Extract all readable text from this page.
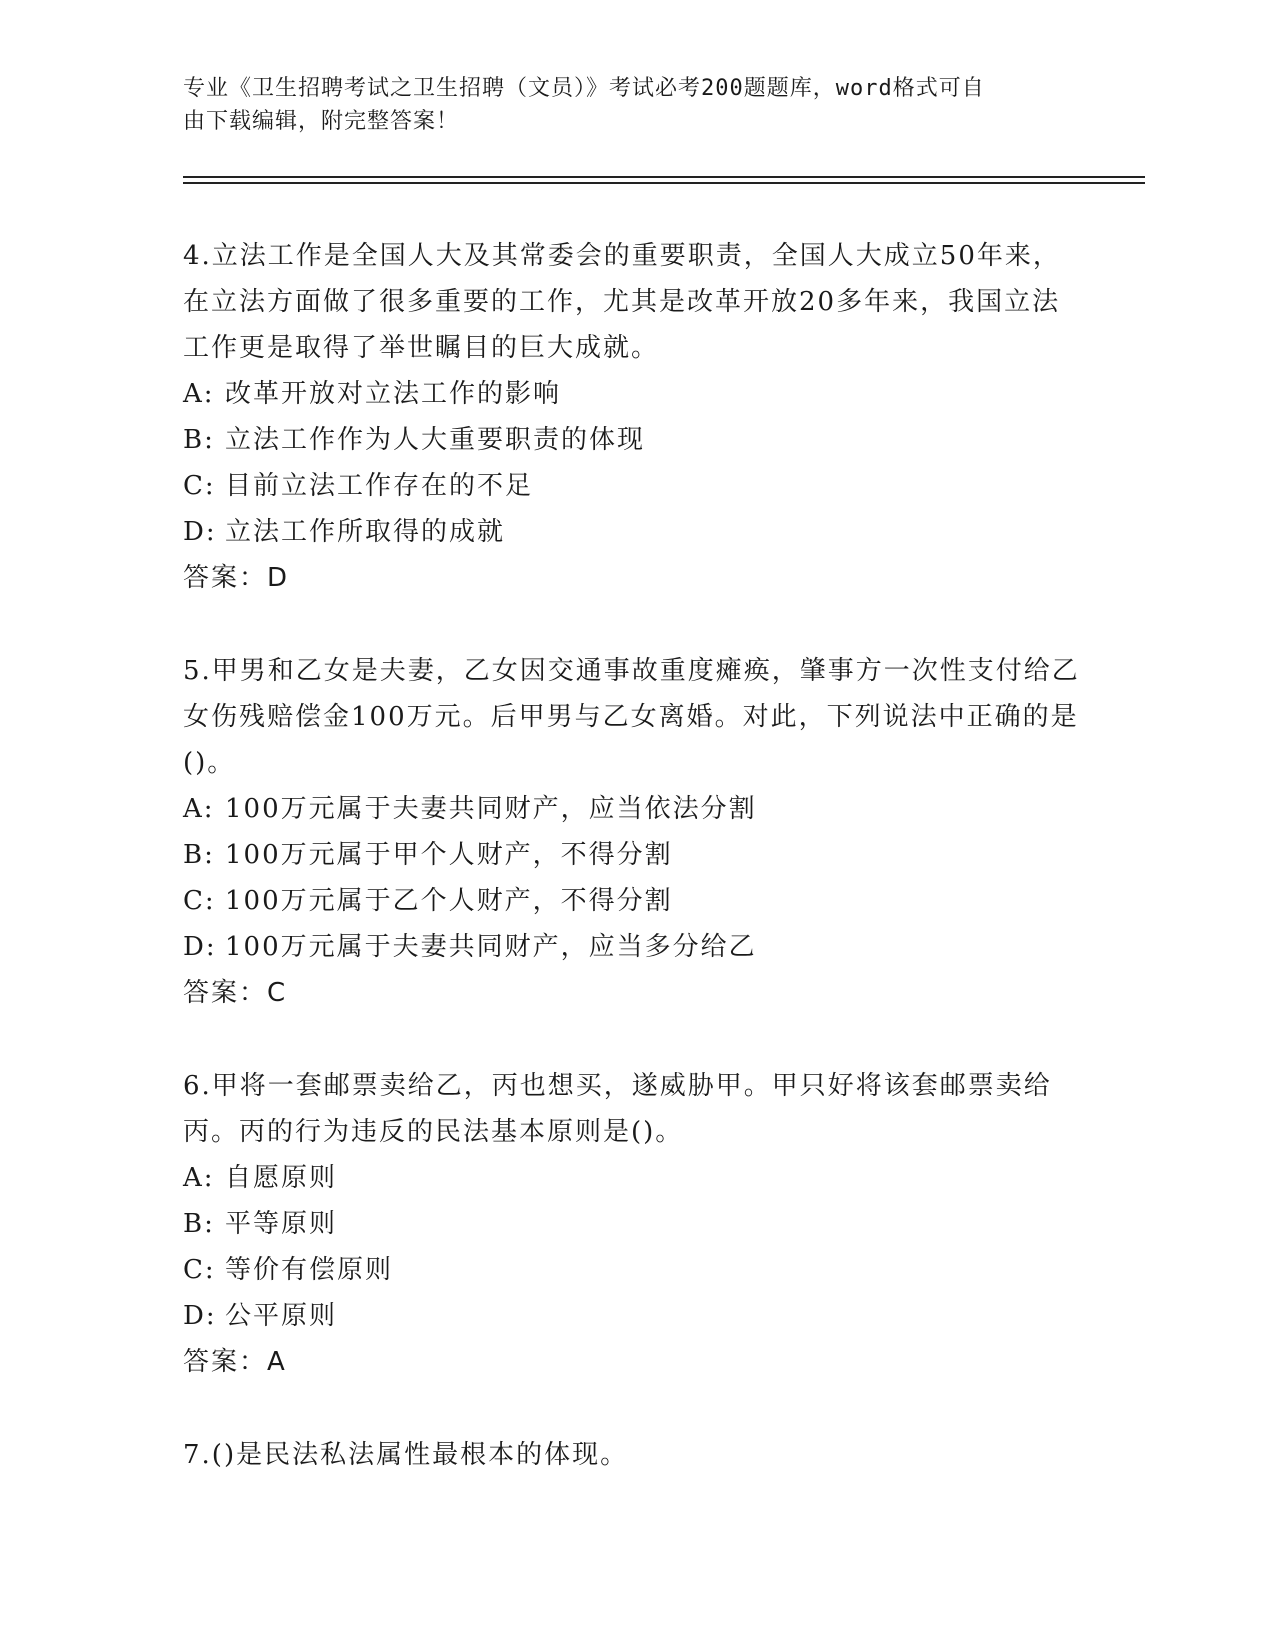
专业《卫生招聘考试之卫生招聘（文员）》考试必考200题题库，word格式可自
由下载编辑，附完整答案！
4.立法工作是全国人大及其常委会的重要职责，全国人大成立50年来，在立法方面做了很多重要的工作，尤其是改革开放20多年来，我国立法工作更是取得了举世瞩目的巨大成就。
A: 改革开放对立法工作的影响
B: 立法工作作为人大重要职责的体现
C: 目前立法工作存在的不足
D: 立法工作所取得的成就
答案：D
5.甲男和乙女是夫妻，乙女因交通事故重度瘫痪，肇事方一次性支付给乙女伤残赔偿金100万元。后甲男与乙女离婚。对此，下列说法中正确的是()。
A: 100万元属于夫妻共同财产，应当依法分割
B: 100万元属于甲个人财产，不得分割
C: 100万元属于乙个人财产，不得分割
D: 100万元属于夫妻共同财产，应当多分给乙
答案：C
6.甲将一套邮票卖给乙，丙也想买，遂威胁甲。甲只好将该套邮票卖给丙。丙的行为违反的民法基本原则是()。
A: 自愿原则
B: 平等原则
C: 等价有偿原则
D: 公平原则
答案：A
7.()是民法私法属性最根本的体现。
